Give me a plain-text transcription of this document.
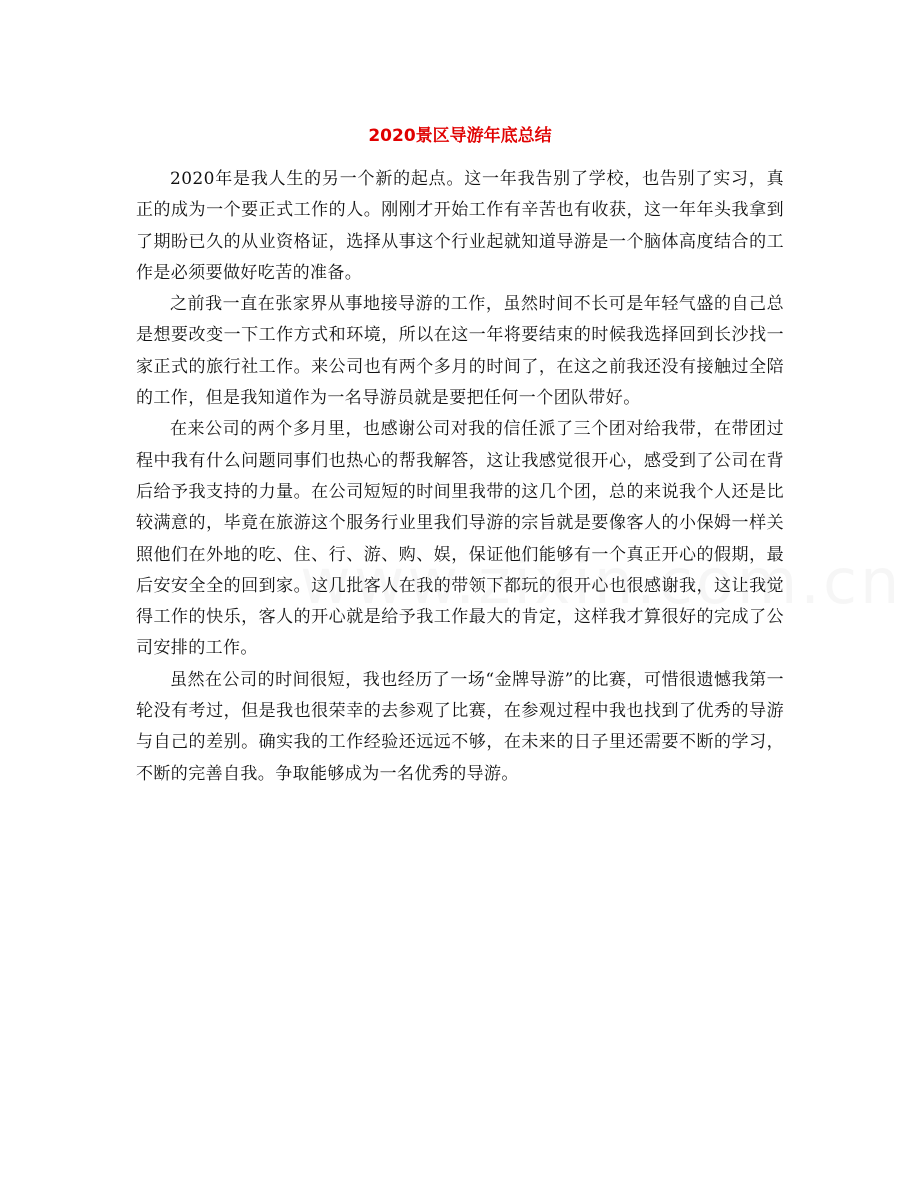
2020景区导游年底总结

2020年是我人生的另一个新的起点。这一年我告别了学校，也告别了实习，真正的成为一个要正式工作的人。刚刚才开始工作有辛苦也有收获，这一年年头我拿到了期盼已久的从业资格证，选择从事这个行业起就知道导游是一个脑体高度结合的工作是必须要做好吃苦的准备。

之前我一直在张家界从事地接导游的工作，虽然时间不长可是年轻气盛的自己总是想要改变一下工作方式和环境，所以在这一年将要结束的时候我选择回到长沙找一家正式的旅行社工作。来公司也有两个多月的时间了，在这之前我还没有接触过全陪的工作，但是我知道作为一名导游员就是要把任何一个团队带好。

在来公司的两个多月里，也感谢公司对我的信任派了三个团对给我带，在带团过程中我有什么问题同事们也热心的帮我解答，这让我感觉很开心，感受到了公司在背后给予我支持的力量。在公司短短的时间里我带的这几个团，总的来说我个人还是比较满意的，毕竟在旅游这个服务行业里我们导游的宗旨就是要像客人的小保姆一样关照他们在外地的吃、住、行、游、购、娱，保证他们能够有一个真正开心的假期，最后安安全全的回到家。这几批客人在我的带领下都玩的很开心也很感谢我，这让我觉得工作的快乐，客人的开心就是给予我工作最大的肯定，这样我才算很好的完成了公司安排的工作。

虽然在公司的时间很短，我也经历了一场“金牌导游”的比赛，可惜很遗憾我第一轮没有考过，但是我也很荣幸的去参观了比赛，在参观过程中我也找到了优秀的导游与自己的差别。确实我的工作经验还远远不够，在未来的日子里还需要不断的学习，不断的完善自我。争取能够成为一名优秀的导游。
